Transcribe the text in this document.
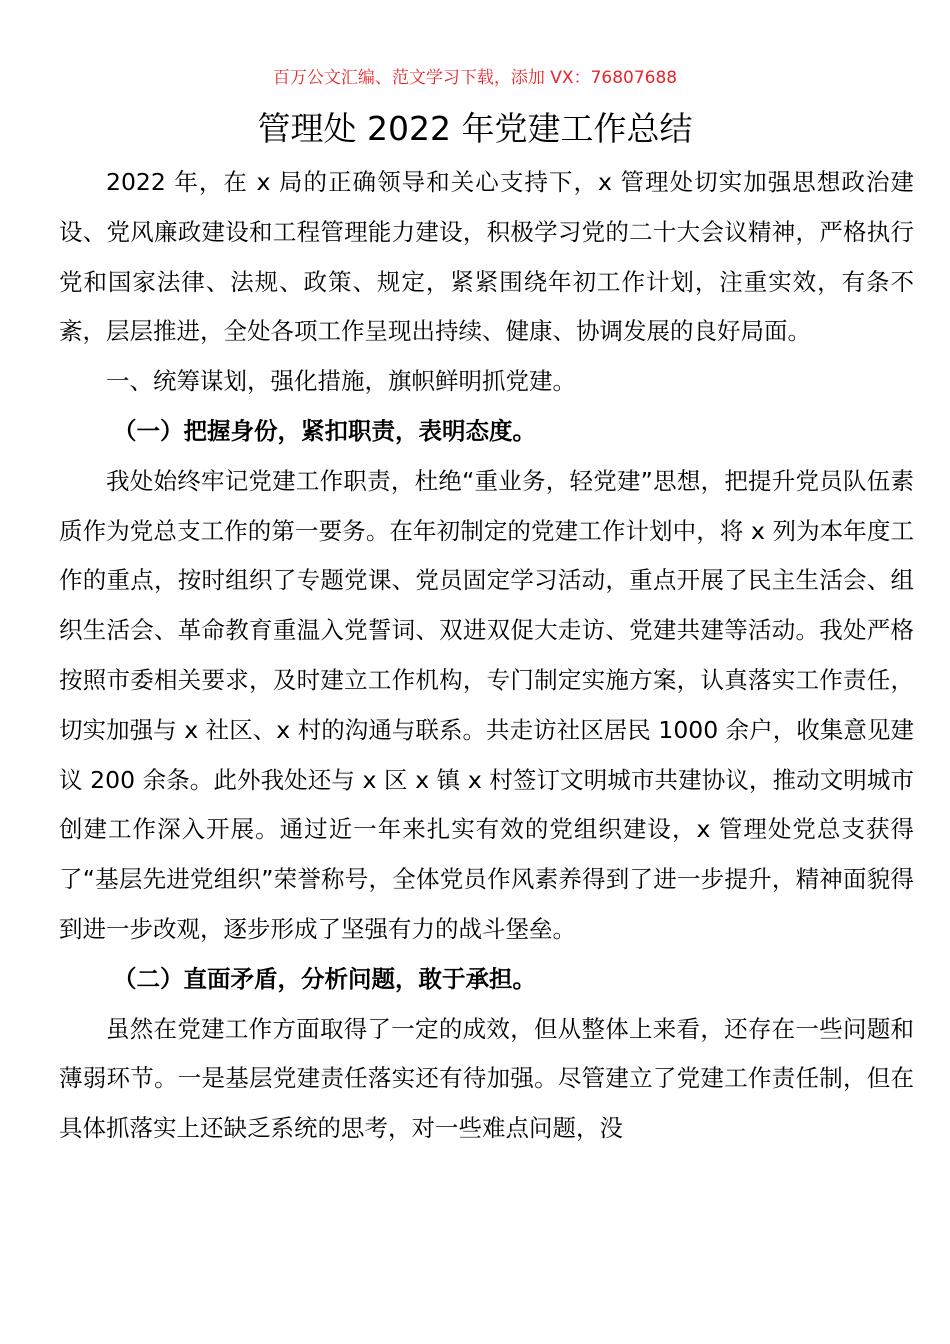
百万公文汇编、范文学习下载，添加 VX：76807688
管理处 2022 年党建工作总结

2022 年，在 x 局的正确领导和关心支持下，x 管理处切实加强思想政治建设、党风廉政建设和工程管理能力建设，积极学习党的二十大会议精神，严格执行党和国家法律、法规、政策、规定，紧紧围绕年初工作计划，注重实效，有条不紊，层层推进，全处各项工作呈现出持续、健康、协调发展的良好局面。

一、统筹谋划，强化措施，旗帜鲜明抓党建。

（一）把握身份，紧扣职责，表明态度。

我处始终牢记党建工作职责，杜绝“重业务，轻党建”思想，把提升党员队伍素质作为党总支工作的第一要务。在年初制定的党建工作计划中，将 x 列为本年度工作的重点，按时组织了专题党课、党员固定学习活动，重点开展了民主生活会、组织生活会、革命教育重温入党誓词、双进双促大走访、党建共建等活动。我处严格按照市委相关要求，及时建立工作机构，专门制定实施方案，认真落实工作责任，切实加强与 x 社区、x 村的沟通与联系。共走访社区居民 1000 余户，收集意见建议 200 余条。此外我处还与 x 区 x 镇 x 村签订文明城市共建协议，推动文明城市创建工作深入开展。通过近一年来扎实有效的党组织建设，x 管理处党总支获得了“基层先进党组织”荣誉称号，全体党员作风素养得到了进一步提升，精神面貌得到进一步改观，逐步形成了坚强有力的战斗堡垒。

（二）直面矛盾，分析问题，敢于承担。

虽然在党建工作方面取得了一定的成效，但从整体上来看，还存在一些问题和薄弱环节。一是基层党建责任落实还有待加强。尽管建立了党建工作责任制，但在具体抓落实上还缺乏系统的思考，对一些难点问题，没
